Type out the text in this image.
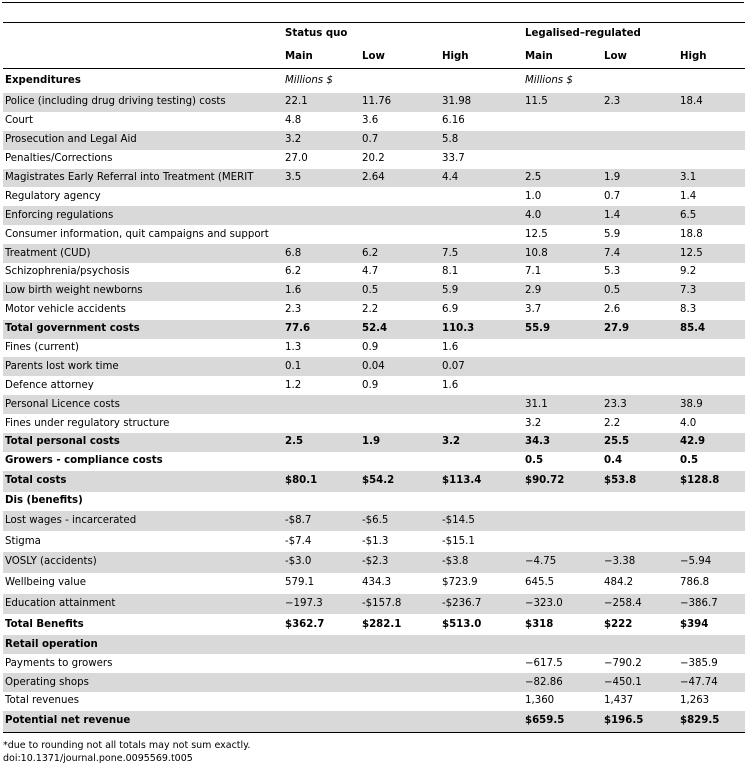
	Status quo			Legalised–regulated		
	Main	Low	High	Main	Low	High
Expenditures	Millions $			Millions $		
Police (including drug driving testing) costs	22.1	11.76	31.98	11.5	2.3	18.4
Court	4.8	3.6	6.16			
Prosecution and Legal Aid	3.2	0.7	5.8			
Penalties/Corrections	27.0	20.2	33.7			
Magistrates Early Referral into Treatment (MERIT	3.5	2.64	4.4	2.5	1.9	3.1
Regulatory agency				1.0	0.7	1.4
Enforcing regulations				4.0	1.4	6.5
Consumer information, quit campaigns and support				12.5	5.9	18.8
Treatment (CUD)	6.8	6.2	7.5	10.8	7.4	12.5
Schizophrenia/psychosis	6.2	4.7	8.1	7.1	5.3	9.2
Low birth weight newborns	1.6	0.5	5.9	2.9	0.5	7.3
Motor vehicle accidents	2.3	2.2	6.9	3.7	2.6	8.3
Total government costs	77.6	52.4	110.3	55.9	27.9	85.4
Fines (current)	1.3	0.9	1.6			
Parents lost work time	0.1	0.04	0.07			
Defence attorney	1.2	0.9	1.6			
Personal Licence costs				31.1	23.3	38.9
Fines under regulatory structure				3.2	2.2	4.0
Total personal costs	2.5	1.9	3.2	34.3	25.5	42.9
Growers - compliance costs				0.5	0.4	0.5
Total costs	$80.1	$54.2	$113.4	$90.72	$53.8	$128.8
Dis (benefits)						
Lost wages - incarcerated	-$8.7	-$6.5	-$14.5			
Stigma	-$7.4	-$1.3	-$15.1			
VOSLY (accidents)	-$3.0	-$2.3	-$3.8	−4.75	−3.38	−5.94
Wellbeing value	579.1	434.3	$723.9	645.5	484.2	786.8
Education attainment	−197.3	-$157.8	-$236.7	−323.0	−258.4	−386.7
Total Benefits	$362.7	$282.1	$513.0	$318	$222	$394
Retail operation						
Payments to growers				−617.5	−790.2	−385.9
Operating shops				−82.86	−450.1	−47.74
Total revenues				1,360	1,437	1,263
Potential net revenue				$659.5	$196.5	$829.5
*due to rounding not all totals may not sum exactly.
doi:10.1371/journal.pone.0095569.t005
